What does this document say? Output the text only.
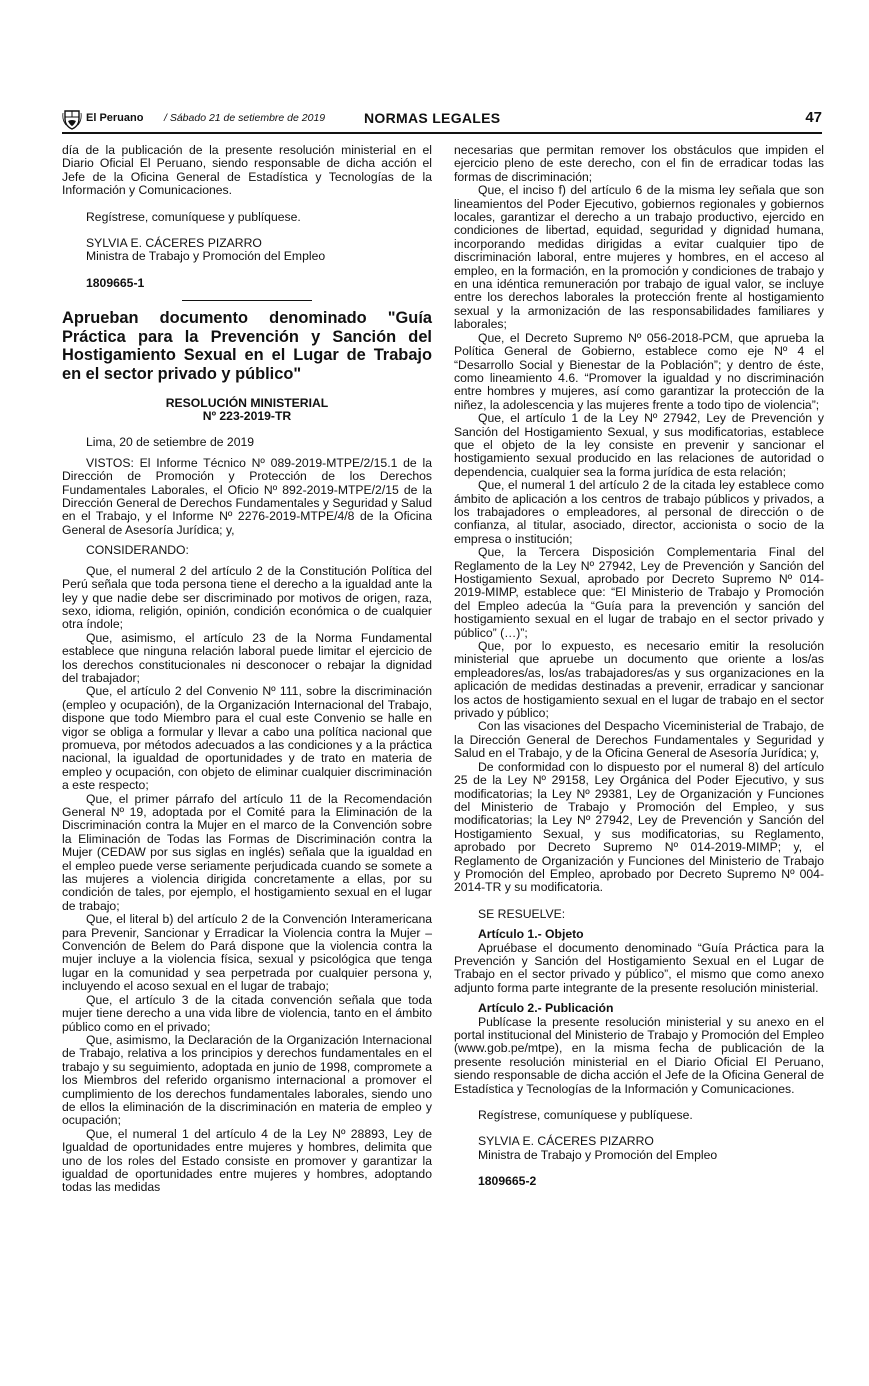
El Peruano / Sábado 21 de setiembre de 2019	NORMAS LEGALES	47

día de la publicación de la presente resolución ministerial en el Diario Oficial El Peruano, siendo responsable de dicha acción el Jefe de la Oficina General de Estadística y Tecnologías de la Información y Comunicaciones.

Regístrese, comuníquese y publíquese.

SYLVIA E. CÁCERES PIZARRO

Ministra de Trabajo y Promoción del Empleo

1809665-1

Aprueban documento denominado "Guía Práctica para la Prevención y Sanción del Hostigamiento Sexual en el Lugar de Trabajo en el sector privado y público"

RESOLUCIÓN MINISTERIAL

Nº 223-2019-TR

Lima, 20 de setiembre de 2019

VISTOS: El Informe Técnico Nº 089-2019-MTPE/2/15.1 de la Dirección de Promoción y Protección de los Derechos Fundamentales Laborales, el Oficio Nº 892-2019-MTPE/2/15 de la Dirección General de Derechos Fundamentales y Seguridad y Salud en el Trabajo, y el Informe Nº 2276-2019-MTPE/4/8 de la Oficina General de Asesoría Jurídica; y,

CONSIDERANDO:

Que, el numeral 2 del artículo 2 de la Constitución Política del Perú señala que toda persona tiene el derecho a la igualdad ante la ley y que nadie debe ser discriminado por motivos de origen, raza, sexo, idioma, religión, opinión, condición económica o de cualquier otra índole;

Que, asimismo, el artículo 23 de la Norma Fundamental establece que ninguna relación laboral puede limitar el ejercicio de los derechos constitucionales ni desconocer o rebajar la dignidad del trabajador;

Que, el artículo 2 del Convenio Nº 111, sobre la discriminación (empleo y ocupación), de la Organización Internacional del Trabajo, dispone que todo Miembro para el cual este Convenio se halle en vigor se obliga a formular y llevar a cabo una política nacional que promueva, por métodos adecuados a las condiciones y a la práctica nacional, la igualdad de oportunidades y de trato en materia de empleo y ocupación, con objeto de eliminar cualquier discriminación a este respecto;

Que, el primer párrafo del artículo 11 de la Recomendación General Nº 19, adoptada por el Comité para la Eliminación de la Discriminación contra la Mujer en el marco de la Convención sobre la Eliminación de Todas las Formas de Discriminación contra la Mujer (CEDAW por sus siglas en inglés) señala que la igualdad en el empleo puede verse seriamente perjudicada cuando se somete a las mujeres a violencia dirigida concretamente a ellas, por su condición de tales, por ejemplo, el hostigamiento sexual en el lugar de trabajo;

Que, el literal b) del artículo 2 de la Convención Interamericana para Prevenir, Sancionar y Erradicar la Violencia contra la Mujer – Convención de Belem do Pará dispone que la violencia contra la mujer incluye a la violencia física, sexual y psicológica que tenga lugar en la comunidad y sea perpetrada por cualquier persona y, incluyendo el acoso sexual en el lugar de trabajo;

Que, el artículo 3 de la citada convención señala que toda mujer tiene derecho a una vida libre de violencia, tanto en el ámbito público como en el privado;

Que, asimismo, la Declaración de la Organización Internacional de Trabajo, relativa a los principios y derechos fundamentales en el trabajo y su seguimiento, adoptada en junio de 1998, compromete a los Miembros del referido organismo internacional a promover el cumplimiento de los derechos fundamentales laborales, siendo uno de ellos la eliminación de la discriminación en materia de empleo y ocupación;

Que, el numeral 1 del artículo 4 de la Ley Nº 28893, Ley de Igualdad de oportunidades entre mujeres y hombres, delimita que uno de los roles del Estado consiste en promover y garantizar la igualdad de oportunidades entre mujeres y hombres, adoptando todas las medidas

necesarias que permitan remover los obstáculos que impiden el ejercicio pleno de este derecho, con el fin de erradicar todas las formas de discriminación;

Que, el inciso f) del artículo 6 de la misma ley señala que son lineamientos del Poder Ejecutivo, gobiernos regionales y gobiernos locales, garantizar el derecho a un trabajo productivo, ejercido en condiciones de libertad, equidad, seguridad y dignidad humana, incorporando medidas dirigidas a evitar cualquier tipo de discriminación laboral, entre mujeres y hombres, en el acceso al empleo, en la formación, en la promoción y condiciones de trabajo y en una idéntica remuneración por trabajo de igual valor, se incluye entre los derechos laborales la protección frente al hostigamiento sexual y la armonización de las responsabilidades familiares y laborales;

Que, el Decreto Supremo Nº 056-2018-PCM, que aprueba la Política General de Gobierno, establece como eje Nº 4 el “Desarrollo Social y Bienestar de la Población”; y dentro de éste, como lineamiento 4.6. “Promover la igualdad y no discriminación entre hombres y mujeres, así como garantizar la protección de la niñez, la adolescencia y las mujeres frente a todo tipo de violencia”;

Que, el artículo 1 de la Ley Nº 27942, Ley de Prevención y Sanción del Hostigamiento Sexual, y sus modificatorias, establece que el objeto de la ley consiste en prevenir y sancionar el hostigamiento sexual producido en las relaciones de autoridad o dependencia, cualquier sea la forma jurídica de esta relación;

Que, el numeral 1 del artículo 2 de la citada ley establece como ámbito de aplicación a los centros de trabajo públicos y privados, a los trabajadores o empleadores, al personal de dirección o de confianza, al titular, asociado, director, accionista o socio de la empresa o institución;

Que, la Tercera Disposición Complementaria Final del Reglamento de la Ley Nº 27942, Ley de Prevención y Sanción del Hostigamiento Sexual, aprobado por Decreto Supremo Nº 014-2019-MIMP, establece que: “El Ministerio de Trabajo y Promoción del Empleo adecúa la “Guía para la prevención y sanción del hostigamiento sexual en el lugar de trabajo en el sector privado y público” (…)”;

Que, por lo expuesto, es necesario emitir la resolución ministerial que apruebe un documento que oriente a los/as empleadores/as, los/as trabajadores/as y sus organizaciones en la aplicación de medidas destinadas a prevenir, erradicar y sancionar los actos de hostigamiento sexual en el lugar de trabajo en el sector privado y público;

Con las visaciones del Despacho Viceministerial de Trabajo, de la Dirección General de Derechos Fundamentales y Seguridad y Salud en el Trabajo, y de la Oficina General de Asesoría Jurídica; y,

De conformidad con lo dispuesto por el numeral 8) del artículo 25 de la Ley Nº 29158, Ley Orgánica del Poder Ejecutivo, y sus modificatorias; la Ley Nº 29381, Ley de Organización y Funciones del Ministerio de Trabajo y Promoción del Empleo, y sus modificatorias; la Ley Nº 27942, Ley de Prevención y Sanción del Hostigamiento Sexual, y sus modificatorias, su Reglamento, aprobado por Decreto Supremo Nº 014-2019-MIMP; y, el Reglamento de Organización y Funciones del Ministerio de Trabajo y Promoción del Empleo, aprobado por Decreto Supremo Nº 004-2014-TR y su modificatoria.

SE RESUELVE:

Artículo 1.- Objeto

Apruébase el documento denominado “Guía Práctica para la Prevención y Sanción del Hostigamiento Sexual en el Lugar de Trabajo en el sector privado y público”, el mismo que como anexo adjunto forma parte integrante de la presente resolución ministerial.

Artículo 2.- Publicación

Publícase la presente resolución ministerial y su anexo en el portal institucional del Ministerio de Trabajo y Promoción del Empleo (www.gob.pe/mtpe), en la misma fecha de publicación de la presente resolución ministerial en el Diario Oficial El Peruano, siendo responsable de dicha acción el Jefe de la Oficina General de Estadística y Tecnologías de la Información y Comunicaciones.

Regístrese, comuníquese y publíquese.

SYLVIA E. CÁCERES PIZARRO

Ministra de Trabajo y Promoción del Empleo

1809665-2
